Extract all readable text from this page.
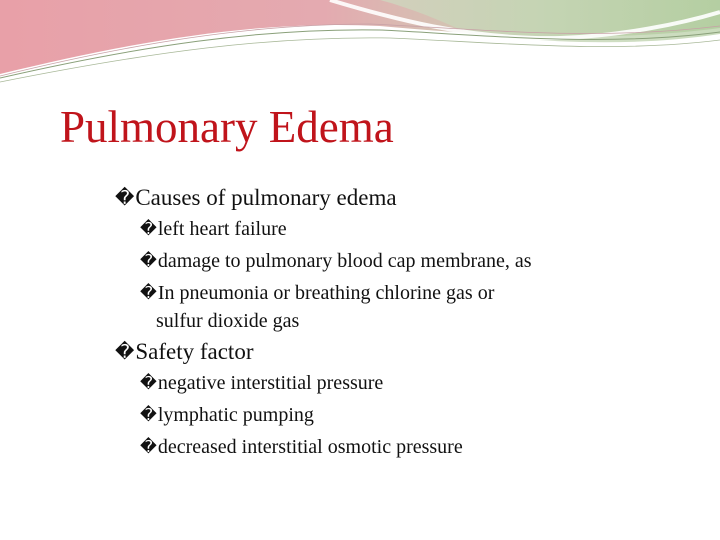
Pulmonary Edema
�Causes of pulmonary edema
�left heart failure
�damage to pulmonary blood cap membrane, as
�In pneumonia or breathing chlorine gas or
sulfur dioxide gas
�Safety factor
�negative interstitial pressure
�lymphatic pumping
�decreased interstitial osmotic pressure
